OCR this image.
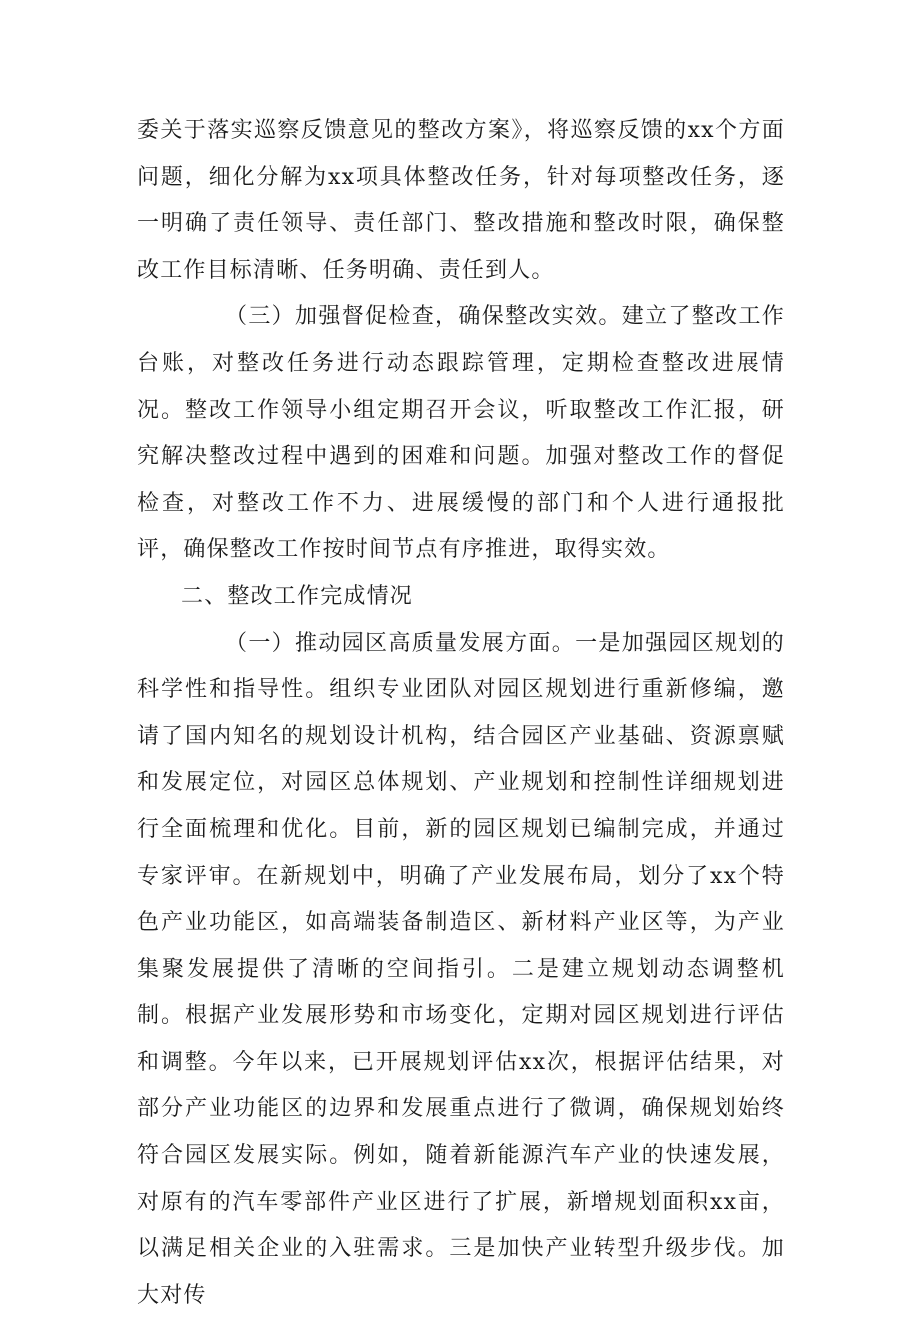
委关于落实巡察反馈意见的整改方案》，将巡察反馈的xx个方面问题，细化分解为xx项具体整改任务，针对每项整改任务，逐一明确了责任领导、责任部门、整改措施和整改时限，确保整改工作目标清晰、任务明确、责任到人。

（三）加强督促检查，确保整改实效。建立了整改工作台账，对整改任务进行动态跟踪管理，定期检查整改进展情况。整改工作领导小组定期召开会议，听取整改工作汇报，研究解决整改过程中遇到的困难和问题。加强对整改工作的督促检查，对整改工作不力、进展缓慢的部门和个人进行通报批评，确保整改工作按时间节点有序推进，取得实效。

二、整改工作完成情况

（一）推动园区高质量发展方面。一是加强园区规划的科学性和指导性。组织专业团队对园区规划进行重新修编，邀请了国内知名的规划设计机构，结合园区产业基础、资源禀赋和发展定位，对园区总体规划、产业规划和控制性详细规划进行全面梳理和优化。目前，新的园区规划已编制完成，并通过专家评审。在新规划中，明确了产业发展布局，划分了xx个特色产业功能区，如高端装备制造区、新材料产业区等，为产业集聚发展提供了清晰的空间指引。二是建立规划动态调整机制。根据产业发展形势和市场变化，定期对园区规划进行评估和调整。今年以来，已开展规划评估xx次，根据评估结果，对部分产业功能区的边界和发展重点进行了微调，确保规划始终符合园区发展实际。例如，随着新能源汽车产业的快速发展，对原有的汽车零部件产业区进行了扩展，新增规划面积xx亩，以满足相关企业的入驻需求。三是加快产业转型升级步伐。加大对传
